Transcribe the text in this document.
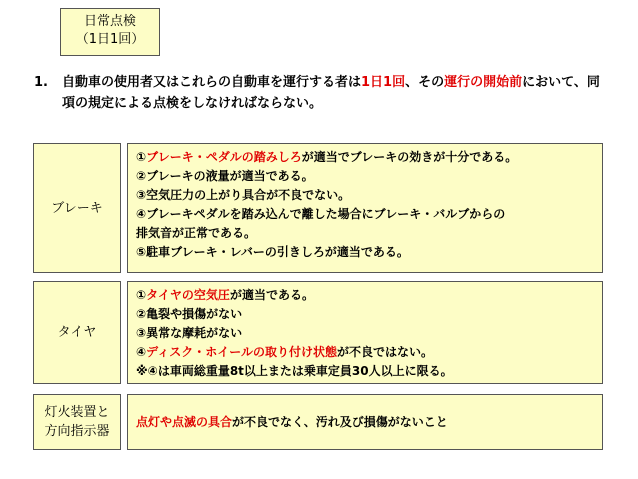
日常点検
（1日1回）
1. 自動車の使用者又はこれらの自動車を運行する者は1日1回、その運行の開始前において、同項の規定による点検をしなければならない。
ブレーキ
①ブレーキ・ペダルの踏みしろが適当でブレーキの効きが十分である。
②ブレーキの液量が適当である。
③空気圧力の上がり具合が不良でない。
④ブレーキペダルを踏み込んで離した場合にブレーキ・バルブからの
排気音が正常である。
⑤駐車ブレーキ・レバーの引きしろが適当である。
タイヤ
①タイヤの空気圧が適当である。
②亀裂や損傷がない
③異常な摩耗がない
④ディスク・ホイールの取り付け状態が不良ではない。
※④は車両総重量8t以上または乗車定員30人以上に限る。
灯火装置と
方向指示器
点灯や点滅の具合が不良でなく、汚れ及び損傷がないこと
